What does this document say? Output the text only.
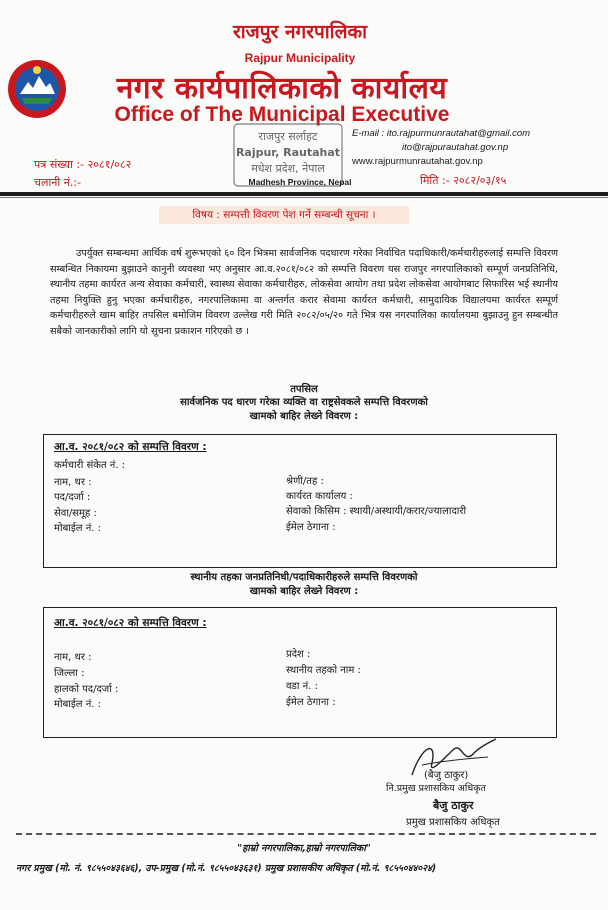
राजपुर नगरपालिका
Rajpur Municipality
नगर कार्यपालिकाको कार्यालय
Office of The Municipal Executive
राजपुर सर्लाहट
Rajpur, Rautahat
मधेश प्रदेश, नेपाल
Madhesh Province, Nepal
E-mail : ito.rajpurmunrautahat@gmail.com
ito@rajpurautahat.gov.np
www.rajpurmunrautahat.gov.np
पत्र संख्या :- २०८१/०८२
चलानी नं.:-	मिति :- २०८२/०३/१५
विषय : सम्पत्ती विवरण पेश गर्ने सम्बन्धी सूचना ।
उपर्युक्त सम्बन्धमा आर्थिक वर्ष शुरूभएको ६० दिन भित्रमा सार्वजनिक पदधारण गरेका निर्वाचित पदाधिकारी/कर्मचारीहरुलाई सम्पत्ति विवरण सम्बन्धित निकायमा बुझाउने कानुनी व्यवस्था भए अनुसार आ.व.२०८१/०८२ को सम्पत्ति विवरण यस राजपुर नगरपालिकाको सम्पूर्ण जनप्रतिनिधि, स्थानीय तहमा कार्यरत अन्य सेवाका कर्मचारी, स्वास्थ्य सेवाका कर्मचारीहरु, लोकसेवा आयोग तथा प्रदेश लोकसेवा आयोगबाट सिफारिस भई स्थानीय तहमा नियुक्ति हुनु भएका कर्मचारीहरु, नगरपालिकामा वा अन्तर्गत करार सेवामा कार्यरत कर्मचारी, सामुदायिक विद्यालयमा कार्यरत सम्पूर्ण कर्मचारीहरुले खाम बाहिर तपसिल बमोजिम विवरण उल्लेख गरी मिति २०८२/०५/२० गते भित्र यस नगरपालिका कार्यालयमा बुझाउनु हुन सम्बन्धीत सबैको जानकारीको लागि यो सूचना प्रकाशन गरिएको छ ।
तपसिल
सार्वजनिक पद धारण गरेका व्यक्ति वा राष्ट्रसेवकले सम्पत्ति विवरणको
खामको बाहिर लेख्ने विवरण :
आ.व. २०८१/०८२ को सम्पत्ति विवरण :
कर्मचारी संकेत नं. :
नाम, थर :
पद/दर्जा :
सेवा/समूह :
मोबाईल नं. :
श्रेणी/तह :
कार्यरत कार्यालय :
सेवाको किसिम : स्थायी/अस्थायी/करार/ज्यालादारी
ईमेल ठेगाना :
स्थानीय तहका जनप्रतिनिधी/पदाधिकारीहरुले सम्पत्ति विवरणको
खामको बाहिर लेख्ने विवरण :
आ.व. २०८१/०८२ को सम्पत्ति विवरण :
नाम, थर :
जिल्ला :
हालको पद/दर्जा :
मोबाईल नं. :
प्रदेश :
स्थानीय तहको नाम :
वडा नं. :
ईमेल ठेगाना :
(बैजु ठाकुर)
नि.प्रमुख प्रशासकिय अधिकृत
बैजु ठाकुर
प्रमुख प्रशासकिय अधिकृत
"हाम्रो नगरपालिका,हाम्रो नगरपालिका"
नगर प्रमुख (मो. नं. ९८५५०४३६४६), उप-प्रमुख (मो.नं. ९८५५०४३६३१) प्रमुख प्रशासकीय अधिकृत (मो.नं. ९८५५०४४०२४)
